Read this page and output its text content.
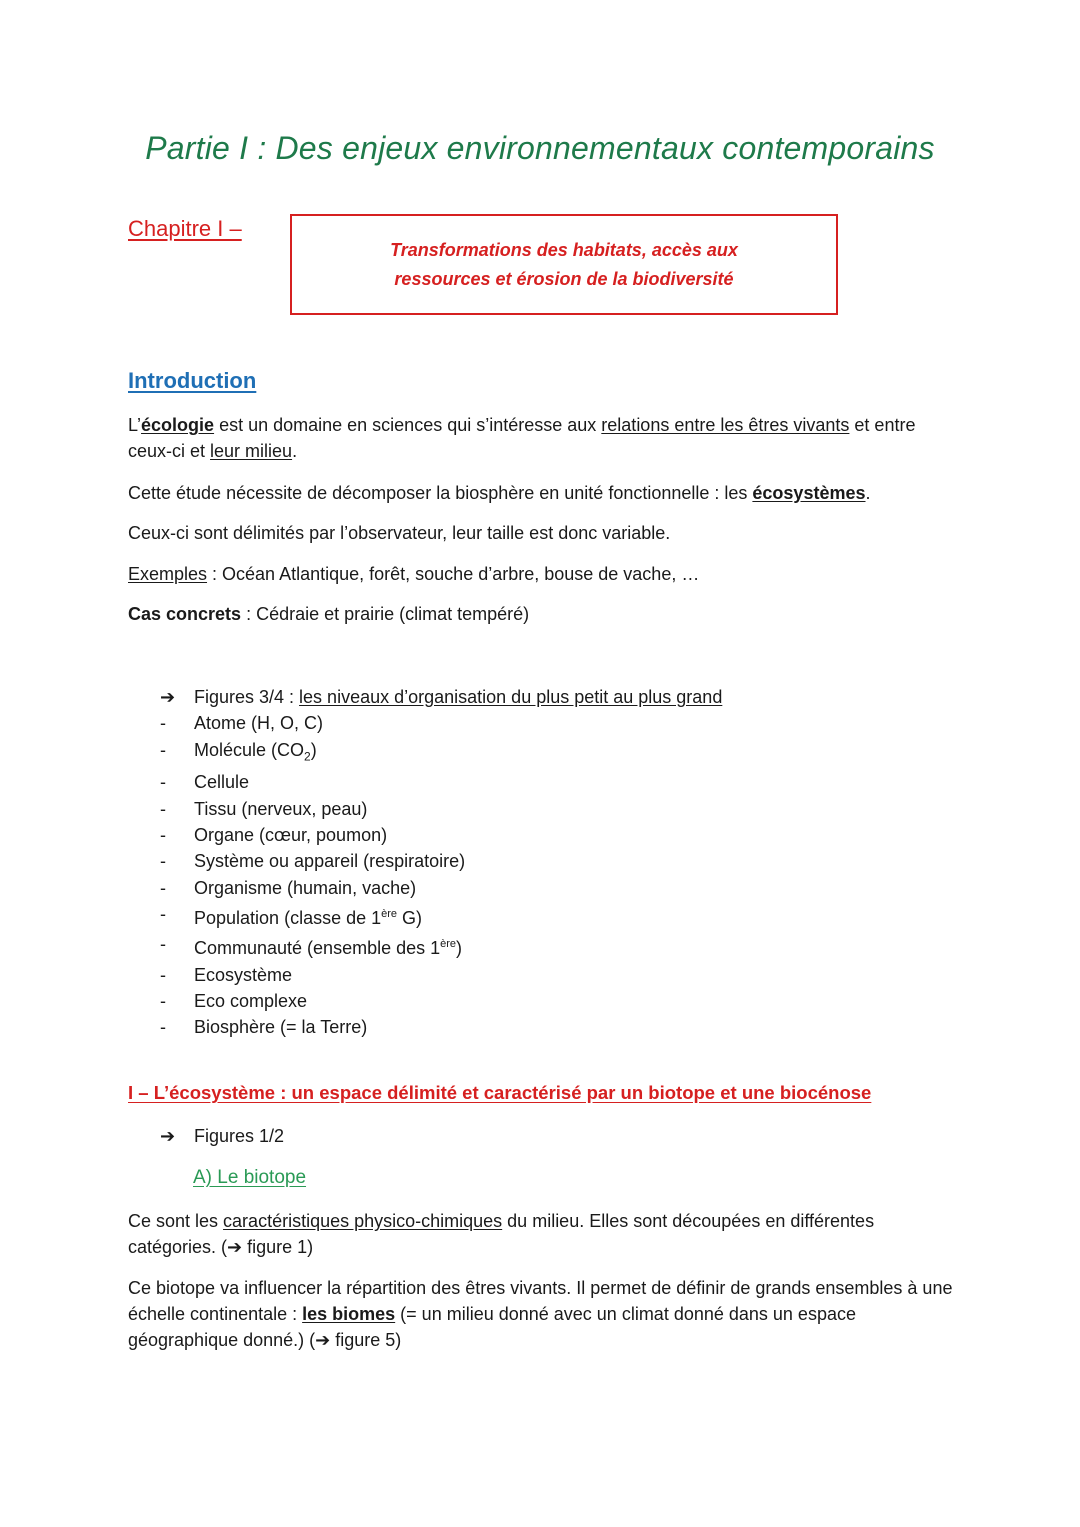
Partie I : Des enjeux environnementaux contemporains
Chapitre I –
Transformations des habitats, accès aux
ressources et érosion de la biodiversité
Introduction
L’écologie est un domaine en sciences qui s’intéresse aux relations entre les êtres vivants et entre ceux-ci et leur milieu.
Cette étude nécessite de décomposer la biosphère en unité fonctionnelle : les écosystèmes.
Ceux-ci sont délimités par l’observateur, leur taille est donc variable.
Exemples : Océan Atlantique, forêt, souche d’arbre, bouse de vache, …
Cas concrets : Cédraie et prairie (climat tempéré)
➔	Figures 3/4 : les niveaux d’organisation du plus petit au plus grand
-	Atome (H, O, C)
-	Molécule $(CO_2)$
-	Cellule
-	Tissu (nerveux, peau)
-	Organe (cœur, poumon)
-	Système ou appareil (respiratoire)
-	Organisme (humain, vache)
-	Population (classe de 1ère G)
-	Communauté (ensemble des 1ère)
-	Ecosystème
-	Eco complexe
-	Biosphère (= la Terre)
I – L’écosystème : un espace délimité et caractérisé par un biotope et une biocénose
➔ Figures 1/2
A) Le biotope
Ce sont les caractéristiques physico-chimiques du milieu. Elles sont découpées en différentes catégories. (➔ figure 1)
Ce biotope va influencer la répartition des êtres vivants. Il permet de définir de grands ensembles à une échelle continentale : les biomes (= un milieu donné avec un climat donné dans un espace géographique donné.) (➔ figure 5)
